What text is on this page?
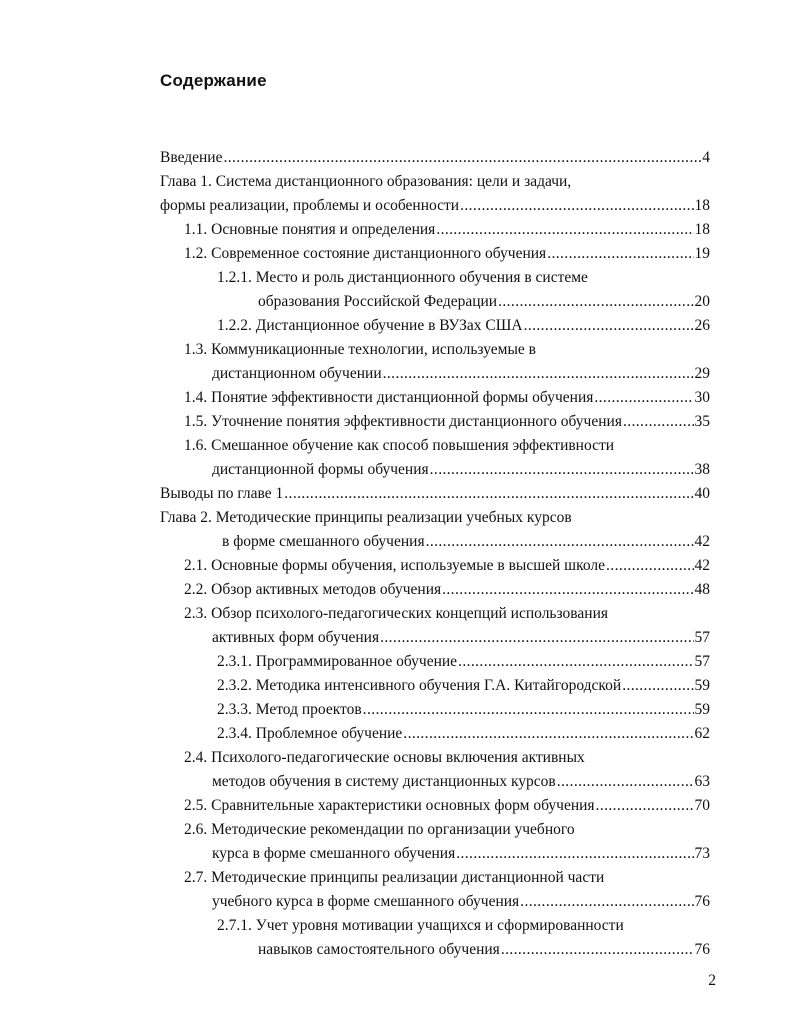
Содержание
Введение .....	4
Глава 1. Система дистанционного образования: цели и задачи,
формы реализации, проблемы и особенности .....	18
1.1. Основные понятия и определения .....	18
1.2. Современное состояние дистанционного обучения .....	19
1.2.1. Место и роль дистанционного обучения в системе
образования Российской Федерации .....	20
1.2.2. Дистанционное обучение в ВУЗах США .....	26
1.3. Коммуникационные технологии, используемые в
дистанционном обучении .....	29
1.4. Понятие эффективности дистанционной формы обучения .....	30
1.5. Уточнение понятия эффективности дистанционного обучения .....	35
1.6. Смешанное обучение как способ повышения эффективности
дистанционной формы обучения .....	38
Выводы по главе 1 .....	40
Глава 2. Методические принципы реализации учебных курсов
в форме смешанного обучения .....	42
2.1. Основные формы обучения, используемые в высшей школе .....	42
2.2. Обзор активных методов обучения .....	48
2.3. Обзор психолого-педагогических концепций использования
активных форм обучения .....	57
2.3.1. Программированное обучение .....	57
2.3.2. Методика интенсивного обучения Г.А. Китайгородской .....	59
2.3.3. Метод проектов .....	59
2.3.4. Проблемное обучение .....	62
2.4. Психолого-педагогические основы включения активных
методов обучения в систему дистанционных курсов .....	63
2.5. Сравнительные характеристики основных форм обучения .....	70
2.6. Методические рекомендации по организации учебного
курса в форме смешанного обучения .....	73
2.7. Методические принципы реализации дистанционной части
учебного курса в форме смешанного обучения .....	76
2.7.1. Учет уровня мотивации учащихся и сформированности
навыков самостоятельного обучения .....	76
2
